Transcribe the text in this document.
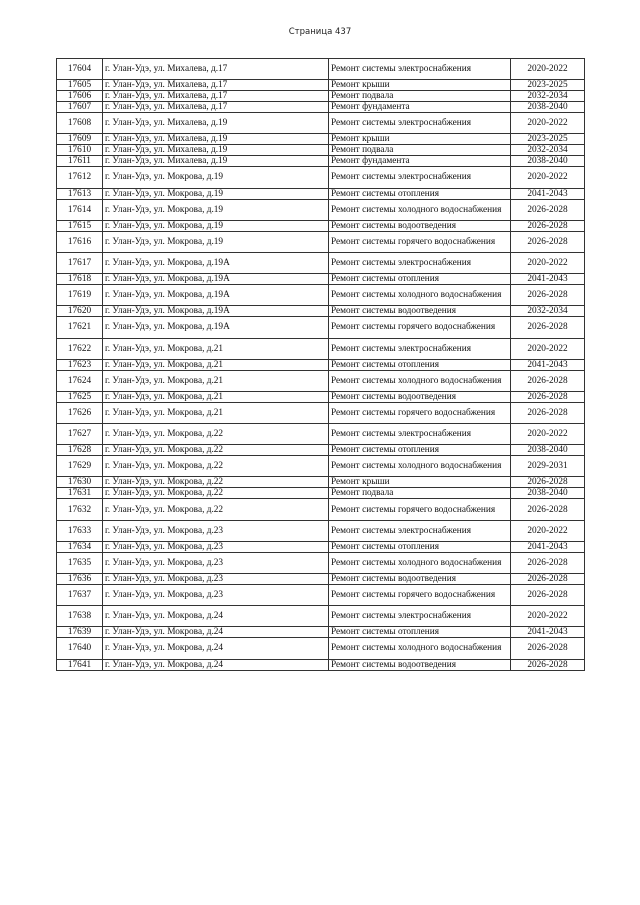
Страница 437
17604	г. Улан-Удэ, ул. Михалева, д.17	Ремонт системы электроснабжения	2020-2022
17605	г. Улан-Удэ, ул. Михалева, д.17	Ремонт крыши	2023-2025
17606	г. Улан-Удэ, ул. Михалева, д.17	Ремонт подвала	2032-2034
17607	г. Улан-Удэ, ул. Михалева, д.17	Ремонт фундамента	2038-2040
17608	г. Улан-Удэ, ул. Михалева, д.19	Ремонт системы электроснабжения	2020-2022
17609	г. Улан-Удэ, ул. Михалева, д.19	Ремонт крыши	2023-2025
17610	г. Улан-Удэ, ул. Михалева, д.19	Ремонт подвала	2032-2034
17611	г. Улан-Удэ, ул. Михалева, д.19	Ремонт фундамента	2038-2040
17612	г. Улан-Удэ, ул. Мокрова, д.19	Ремонт системы электроснабжения	2020-2022
17613	г. Улан-Удэ, ул. Мокрова, д.19	Ремонт системы отопления	2041-2043
17614	г. Улан-Удэ, ул. Мокрова, д.19	Ремонт системы холодного водоснабжения	2026-2028
17615	г. Улан-Удэ, ул. Мокрова, д.19	Ремонт системы водоотведения	2026-2028
17616	г. Улан-Удэ, ул. Мокрова, д.19	Ремонт системы горячего водоснабжения	2026-2028
17617	г. Улан-Удэ, ул. Мокрова, д.19А	Ремонт системы электроснабжения	2020-2022
17618	г. Улан-Удэ, ул. Мокрова, д.19А	Ремонт системы отопления	2041-2043
17619	г. Улан-Удэ, ул. Мокрова, д.19А	Ремонт системы холодного водоснабжения	2026-2028
17620	г. Улан-Удэ, ул. Мокрова, д.19А	Ремонт системы водоотведения	2032-2034
17621	г. Улан-Удэ, ул. Мокрова, д.19А	Ремонт системы горячего водоснабжения	2026-2028
17622	г. Улан-Удэ, ул. Мокрова, д.21	Ремонт системы электроснабжения	2020-2022
17623	г. Улан-Удэ, ул. Мокрова, д.21	Ремонт системы отопления	2041-2043
17624	г. Улан-Удэ, ул. Мокрова, д.21	Ремонт системы холодного водоснабжения	2026-2028
17625	г. Улан-Удэ, ул. Мокрова, д.21	Ремонт системы водоотведения	2026-2028
17626	г. Улан-Удэ, ул. Мокрова, д.21	Ремонт системы горячего водоснабжения	2026-2028
17627	г. Улан-Удэ, ул. Мокрова, д.22	Ремонт системы электроснабжения	2020-2022
17628	г. Улан-Удэ, ул. Мокрова, д.22	Ремонт системы отопления	2038-2040
17629	г. Улан-Удэ, ул. Мокрова, д.22	Ремонт системы холодного водоснабжения	2029-2031
17630	г. Улан-Удэ, ул. Мокрова, д.22	Ремонт крыши	2026-2028
17631	г. Улан-Удэ, ул. Мокрова, д.22	Ремонт подвала	2038-2040
17632	г. Улан-Удэ, ул. Мокрова, д.22	Ремонт системы горячего водоснабжения	2026-2028
17633	г. Улан-Удэ, ул. Мокрова, д.23	Ремонт системы электроснабжения	2020-2022
17634	г. Улан-Удэ, ул. Мокрова, д.23	Ремонт системы отопления	2041-2043
17635	г. Улан-Удэ, ул. Мокрова, д.23	Ремонт системы холодного водоснабжения	2026-2028
17636	г. Улан-Удэ, ул. Мокрова, д.23	Ремонт системы водоотведения	2026-2028
17637	г. Улан-Удэ, ул. Мокрова, д.23	Ремонт системы горячего водоснабжения	2026-2028
17638	г. Улан-Удэ, ул. Мокрова, д.24	Ремонт системы электроснабжения	2020-2022
17639	г. Улан-Удэ, ул. Мокрова, д.24	Ремонт системы отопления	2041-2043
17640	г. Улан-Удэ, ул. Мокрова, д.24	Ремонт системы холодного водоснабжения	2026-2028
17641	г. Улан-Удэ, ул. Мокрова, д.24	Ремонт системы водоотведения	2026-2028
